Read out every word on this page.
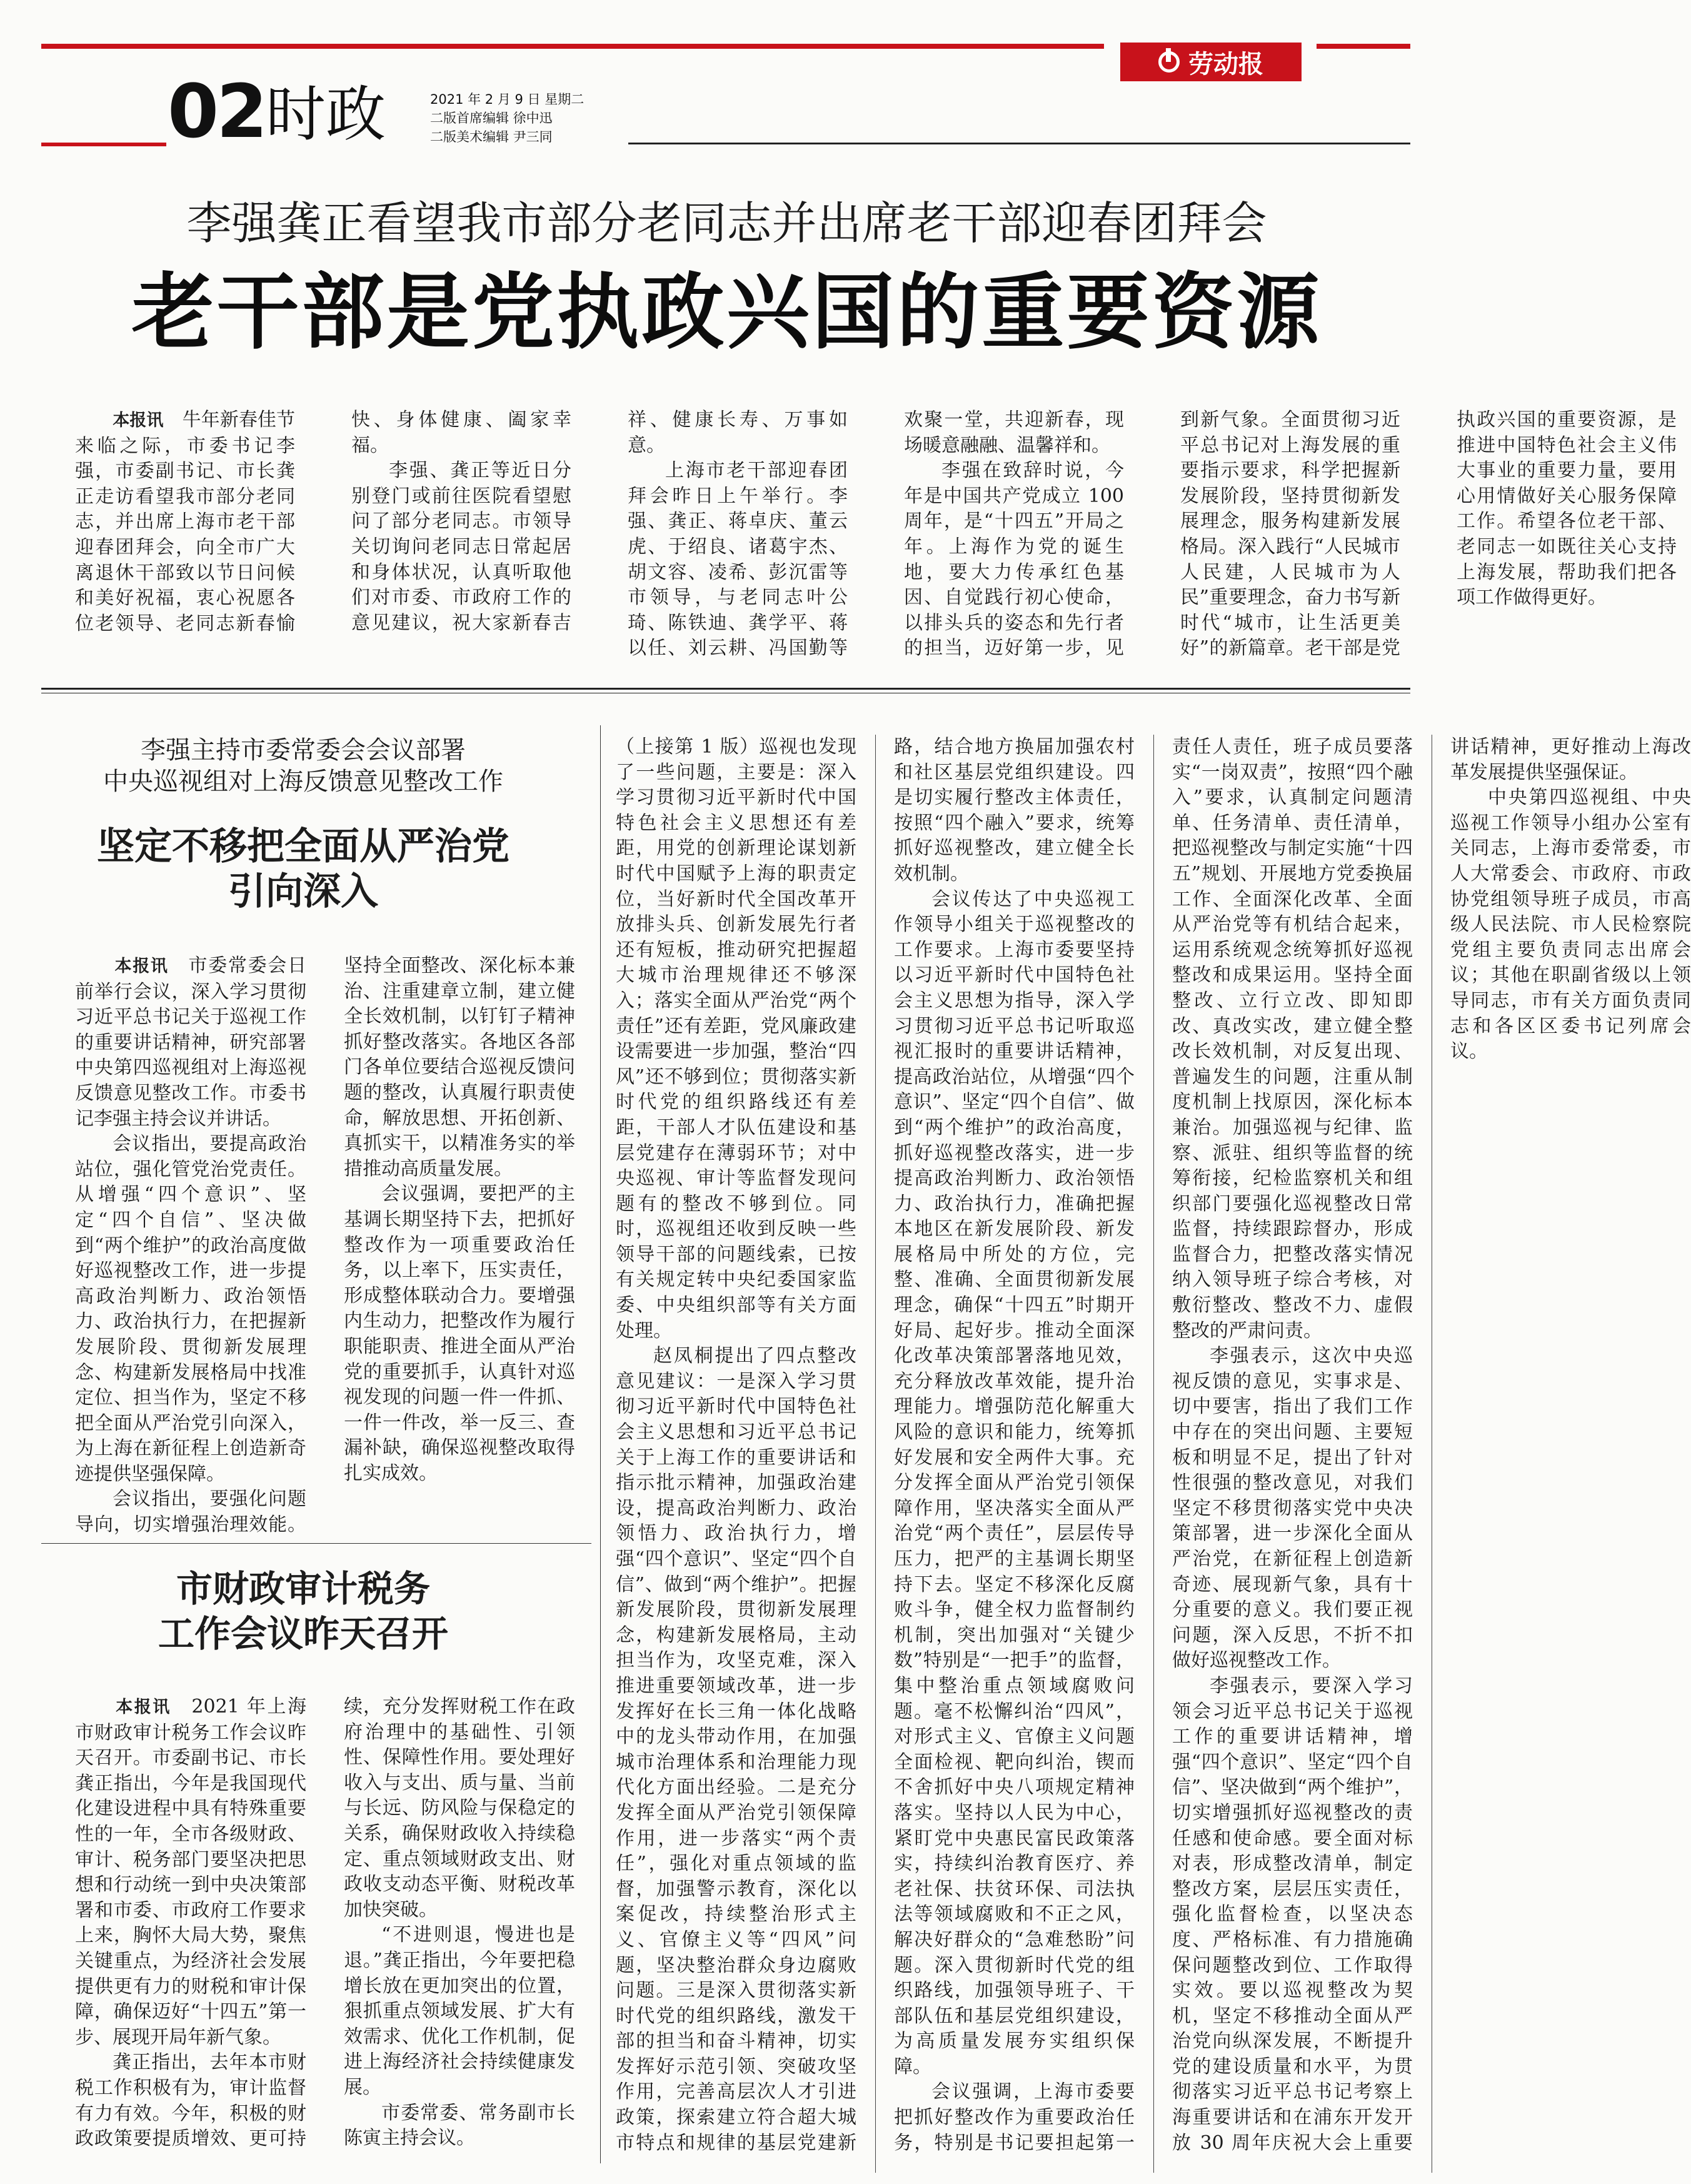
02 时政	2021 年 2 月 9 日 星期二
二版首席编辑 徐中迅
二版美术编辑 尹三同
劳动报
李强龚正看望我市部分老同志并出席老干部迎春团拜会
老干部是党执政兴国的重要资源

　　本报讯　 牛年新春佳节来临之际，市委书记李强，市委副书记、市长龚正走访看望我市部分老同志，并出席上海市老干部迎春团拜会，向全市广大离退休干部致以节日问候和美好祝福，衷心祝愿各位老领导、老同志新春愉快、身体健康、阖家幸福。

李强、龚正等近日分别登门或前往医院看望慰问了部分老同志。市领导关切询问老同志日常起居和身体状况，认真听取他们对市委、市政府工作的意见建议，祝大家新春吉祥、健康长寿、万事如意。

上海市老干部迎春团拜会昨日上午举行。李强、龚正、蒋卓庆、董云虎、于绍良、诸葛宇杰、胡文容、凌希、彭沉雷等市领导，与老同志叶公琦、陈铁迪、龚学平、蒋以任、刘云耕、冯国勤等欢聚一堂，共迎新春，现场暖意融融、温馨祥和。

李强在致辞时说，今年是中国共产党成立 100 周年，是“十四五”开局之年。上海作为党的诞生地，要大力传承红色基因、自觉践行初心使命，以排头兵的姿态和先行者的担当，迈好第一步，见到新气象。全面贯彻习近平总书记对上海发展的重要指示要求，科学把握新发展阶段，坚持贯彻新发展理念，服务构建新发展格局。深入践行“人民城市人民建，人民城市为人民”重要理念，奋力书写新时代“城市，让生活更美好”的新篇章。老干部是党执政兴国的重要资源，是推进中国特色社会主义伟大事业的重要力量，要用心用情做好关心服务保障工作。希望各位老干部、老同志一如既往关心支持上海发展，帮助我们把各项工作做得更好。

李强主持市委常委会会议部署
中央巡视组对上海反馈意见整改工作
坚定不移把全面从严治党
引向深入

　　本报讯　 市委常委会日前举行会议，深入学习贯彻习近平总书记关于巡视工作的重要讲话精神，研究部署中央第四巡视组对上海巡视反馈意见整改工作。市委书记李强主持会议并讲话。

会议指出，要提高政治站位，强化管党治党责任。从增强“四个意识”、坚定“四个自信”、坚决做到“两个维护”的政治高度做好巡视整改工作，进一步提高政治判断力、政治领悟力、政治执行力，在把握新发展阶段、贯彻新发展理念、构建新发展格局中找准定位、担当作为，坚定不移把全面从严治党引向深入，为上海在新征程上创造新奇迹提供坚强保障。

会议指出，要强化问题导向，切实增强治理效能。坚持全面整改、深化标本兼治、注重建章立制，建立健全长效机制，以钉钉子精神抓好整改落实。各地区各部门各单位要结合巡视反馈问题的整改，认真履行职责使命，解放思想、开拓创新、真抓实干，以精准务实的举措推动高质量发展。

会议强调，要把严的主基调长期坚持下去，把抓好整改作为一项重要政治任务，以上率下，压实责任，形成整体联动合力。要增强内生动力，把整改作为履行职能职责、推进全面从严治党的重要抓手，认真针对巡视发现的问题一件一件抓、一件一件改，举一反三、查漏补缺，确保巡视整改取得扎实成效。

（上接第 1 版）巡视也发现了一些问题，主要是：深入学习贯彻习近平新时代中国特色社会主义思想还有差距，用党的创新理论谋划新时代中国赋予上海的职责定位，当好新时代全国改革开放排头兵、创新发展先行者还有短板，推动研究把握超大城市治理规律还不够深入；落实全面从严治党“两个责任”还有差距，党风廉政建设需要进一步加强，整治“四风”还不够到位；贯彻落实新时代党的组织路线还有差距，干部人才队伍建设和基层党建存在薄弱环节；对中央巡视、审计等监督发现问题有的整改不够到位。同时，巡视组还收到反映一些领导干部的问题线索，已按有关规定转中央纪委国家监委、中央组织部等有关方面处理。

赵凤桐提出了四点整改意见建议：一是深入学习贯彻习近平新时代中国特色社会主义思想和习近平总书记关于上海工作的重要讲话和指示批示精神，加强政治建设，提高政治判断力、政治领悟力、政治执行力，增强“四个意识”、坚定“四个自信”、做到“两个维护”。把握新发展阶段，贯彻新发展理念，构建新发展格局，主动担当作为，攻坚克难，深入推进重要领域改革，进一步发挥好在长三角一体化战略中的龙头带动作用，在加强城市治理体系和治理能力现代化方面出经验。二是充分发挥全面从严治党引领保障作用，进一步落实“两个责任”，强化对重点领域的监督，加强警示教育，深化以案促改，持续整治形式主义、官僚主义等“四风”问题，坚决整治群众身边腐败问题。三是深入贯彻落实新时代党的组织路线，激发干部的担当和奋斗精神，切实发挥好示范引领、突破攻坚作用，完善高层次人才引进政策，探索建立符合超大城市特点和规律的基层党建新路，结合地方换届加强农村和社区基层党组织建设。四是切实履行整改主体责任，按照“四个融入”要求，统筹抓好巡视整改，建立健全长效机制。

会议传达了中央巡视工作领导小组关于巡视整改的工作要求。上海市委要坚持以习近平新时代中国特色社会主义思想为指导，深入学习贯彻习近平总书记听取巡视汇报时的重要讲话精神，提高政治站位，从增强“四个意识”、坚定“四个自信”、做到“两个维护”的政治高度，抓好巡视整改落实，进一步提高政治判断力、政治领悟力、政治执行力，准确把握本地区在新发展阶段、新发展格局中所处的方位，完整、准确、全面贯彻新发展理念，确保“十四五”时期开好局、起好步。推动全面深化改革决策部署落地见效，充分释放改革效能，提升治理能力。增强防范化解重大风险的意识和能力，统筹抓好发展和安全两件大事。充分发挥全面从严治党引领保障作用，坚决落实全面从严治党“两个责任”，层层传导压力，把严的主基调长期坚持下去。坚定不移深化反腐败斗争，健全权力监督制约机制，突出加强对“关键少数”特别是“一把手”的监督，集中整治重点领域腐败问题。毫不松懈纠治“四风”，对形式主义、官僚主义问题全面检视、靶向纠治，锲而不舍抓好中央八项规定精神落实。坚持以人民为中心，紧盯党中央惠民富民政策落实，持续纠治教育医疗、养老社保、扶贫环保、司法执法等领域腐败和不正之风，解决好群众的“急难愁盼”问题。深入贯彻新时代党的组织路线，加强领导班子、干部队伍和基层党组织建设，为高质量发展夯实组织保障。

会议强调，上海市委要把抓好整改作为重要政治任务，特别是书记要担起第一责任人责任，班子成员要落实“一岗双责”，按照“四个融入”要求，认真制定问题清单、任务清单、责任清单，把巡视整改与制定实施“十四五”规划、开展地方党委换届工作、全面深化改革、全面从严治党等有机结合起来，运用系统观念统筹抓好巡视整改和成果运用。坚持全面整改、立行立改、即知即改、真改实改，建立健全整改长效机制，对反复出现、普遍发生的问题，注重从制度机制上找原因，深化标本兼治。加强巡视与纪律、监察、派驻、组织等监督的统筹衔接，纪检监察机关和组织部门要强化巡视整改日常监督，持续跟踪督办，形成监督合力，把整改落实情况纳入领导班子综合考核，对敷衍整改、整改不力、虚假整改的严肃问责。

李强表示，这次中央巡视反馈的意见，实事求是、切中要害，指出了我们工作中存在的突出问题、主要短板和明显不足，提出了针对性很强的整改意见，对我们坚定不移贯彻落实党中央决策部署，进一步深化全面从严治党，在新征程上创造新奇迹、展现新气象，具有十分重要的意义。我们要正视问题，深入反思，不折不扣做好巡视整改工作。

李强表示，要深入学习领会习近平总书记关于巡视工作的重要讲话精神，增强“四个意识”、坚定“四个自信”、坚决做到“两个维护”，切实增强抓好巡视整改的责任感和使命感。要全面对标对表，形成整改清单，制定整改方案，层层压实责任，强化监督检查，以坚决态度、严格标准、有力措施确保问题整改到位、工作取得实效。要以巡视整改为契机，坚定不移推动全面从严治党向纵深发展，不断提升党的建设质量和水平，为贯彻落实习近平总书记考察上海重要讲话和在浦东开发开放 30 周年庆祝大会上重要讲话精神，更好推动上海改革发展提供坚强保证。

中央第四巡视组、中央巡视工作领导小组办公室有关同志，上海市委常委，市人大常委会、市政府、市政协党组领导班子成员，市高级人民法院、市人民检察院党组主要负责同志出席会议；其他在职副省级以上领导同志，市有关方面负责同志和各区区委书记列席会议。

市财政审计税务
工作会议昨天召开

　　本报讯　 2021 年上海市财政审计税务工作会议昨天召开。市委副书记、市长龚正指出，今年是我国现代化建设进程中具有特殊重要性的一年，全市各级财政、审计、税务部门要坚决把思想和行动统一到中央决策部署和市委、市政府工作要求上来，胸怀大局大势，聚焦关键重点，为经济社会发展提供更有力的财税和审计保障，确保迈好“十四五”第一步、展现开局年新气象。

龚正指出，去年本市财税工作积极有为，审计监督有力有效。今年，积极的财政政策要提质增效、更可持续，充分发挥财税工作在政府治理中的基础性、引领性、保障性作用。要处理好收入与支出、质与量、当前与长远、防风险与保稳定的关系，确保财政收入持续稳定、重点领域财政支出、财政收支动态平衡、财税改革加快突破。

“不进则退，慢进也是退。”龚正指出，今年要把稳增长放在更加突出的位置，狠抓重点领域发展、扩大有效需求、优化工作机制，促进上海经济社会持续健康发展。

市委常委、常务副市长陈寅主持会议。
